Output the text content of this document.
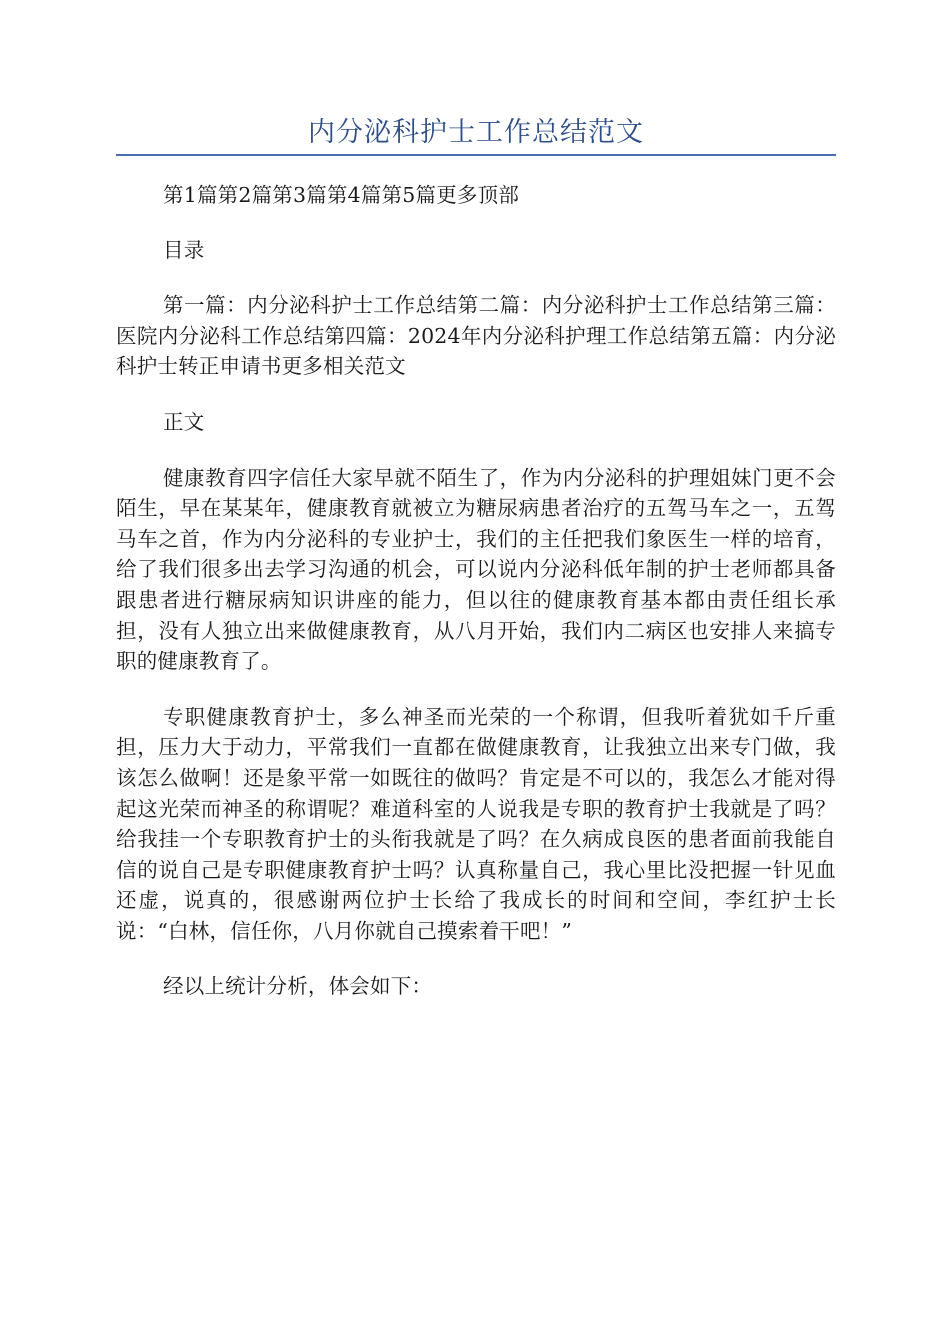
内分泌科护士工作总结范文

第1篇第2篇第3篇第4篇第5篇更多顶部

目录

第一篇：内分泌科护士工作总结第二篇：内分泌科护士工作总结第三篇：医院内分泌科工作总结第四篇：2024年内分泌科护理工作总结第五篇：内分泌科护士转正申请书更多相关范文

正文

健康教育四字信任大家早就不陌生了，作为内分泌科的护理姐妹门更不会陌生，早在某某年，健康教育就被立为糖尿病患者治疗的五驾马车之一，五驾马车之首，作为内分泌科的专业护士，我们的主任把我们象医生一样的培育，给了我们很多出去学习沟通的机会，可以说内分泌科低年制的护士老师都具备跟患者进行糖尿病知识讲座的能力，但以往的健康教育基本都由责任组长承担，没有人独立出来做健康教育，从八月开始，我们内二病区也安排人来搞专职的健康教育了。

专职健康教育护士，多么神圣而光荣的一个称谓，但我听着犹如千斤重担，压力大于动力，平常我们一直都在做健康教育，让我独立出来专门做，我该怎么做啊！还是象平常一如既往的做吗？肯定是不可以的，我怎么才能对得起这光荣而神圣的称谓呢？难道科室的人说我是专职的教育护士我就是了吗？给我挂一个专职教育护士的头衔我就是了吗？在久病成良医的患者面前我能自信的说自己是专职健康教育护士吗？认真称量自己，我心里比没把握一针见血还虚，说真的，很感谢两位护士长给了我成长的时间和空间，李红护士长说：“白林，信任你，八月你就自己摸索着干吧！”

经以上统计分析，体会如下：
